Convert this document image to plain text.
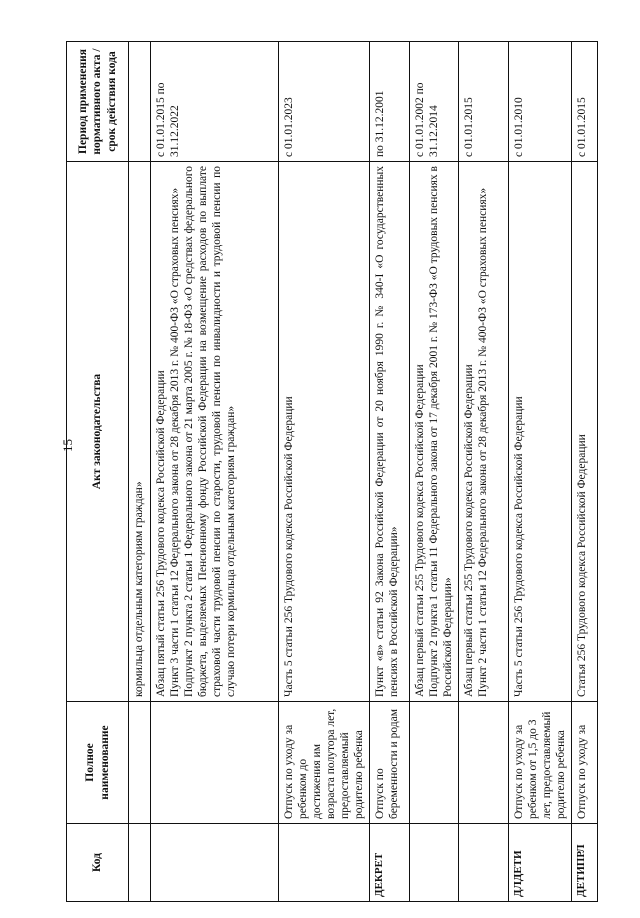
15
Код	Полное наименование	Акт законодательства	Период применения нормативного акта / срок действия кода

		кормильца отдельным категориям граждан»	

		Абзац пятый статьи 256 Трудового кодекса Российской Федерации Пункт 3 части 1 статьи 12 Федерального закона от 28 декабря 2013 г. № 400-ФЗ «О страховых пенсиях» Подпункт 2 пункта 2 статьи 1 Федерального закона от 21 марта 2005 г. № 18-ФЗ «О средствах федерального бюджета, выделяемых Пенсионному фонду Российской Федерации на возмещение расходов по выплате страховой части трудовой пенсии по старости, трудовой пенсии по инвалидности и трудовой пенсии по случаю потери кормильца отдельным категориям граждан»	с 01.01.2015 по 31.12.2022
	Отпуск по уходу за ребенком до достижения им возраста полутора лет, предоставляемый родителю ребенка	Часть 5 статьи 256 Трудового кодекса Российской Федерации	с 01.01.2023
ДЕКРЕТ	Отпуск по беременности и родам	Пункт «в» статьи 92 Закона Российской Федерации от 20 ноября 1990 г. № 340-I «О государственных пенсиях в Российской Федерации»	по 31.12.2001

		Абзац первый статьи 255 Трудового кодекса Российской Федерации Подпункт 2 пункта 1 статьи 11 Федерального закона от 17 декабря 2001 г. № 173-ФЗ «О трудовых пенсиях в Российской Федерации»	с 01.01.2002 по 31.12.2014

		Абзац первый статьи 255 Трудового кодекса Российской Федерации Пункт 2 части 1 статьи 12 Федерального закона от 28 декабря 2013 г. № 400-ФЗ «О страховых пенсиях»	с 01.01.2015
ДЛДЕТИ	Отпуск по уходу за ребенком от 1,5 до 3 лет, предоставляемый родителю ребенка	Часть 5 статьи 256 Трудового кодекса Российской Федерации	с 01.01.2010
ДЕТИПРЛ	Отпуск по уходу за	Статья 256 Трудового кодекса Российской Федерации	с 01.01.2015
